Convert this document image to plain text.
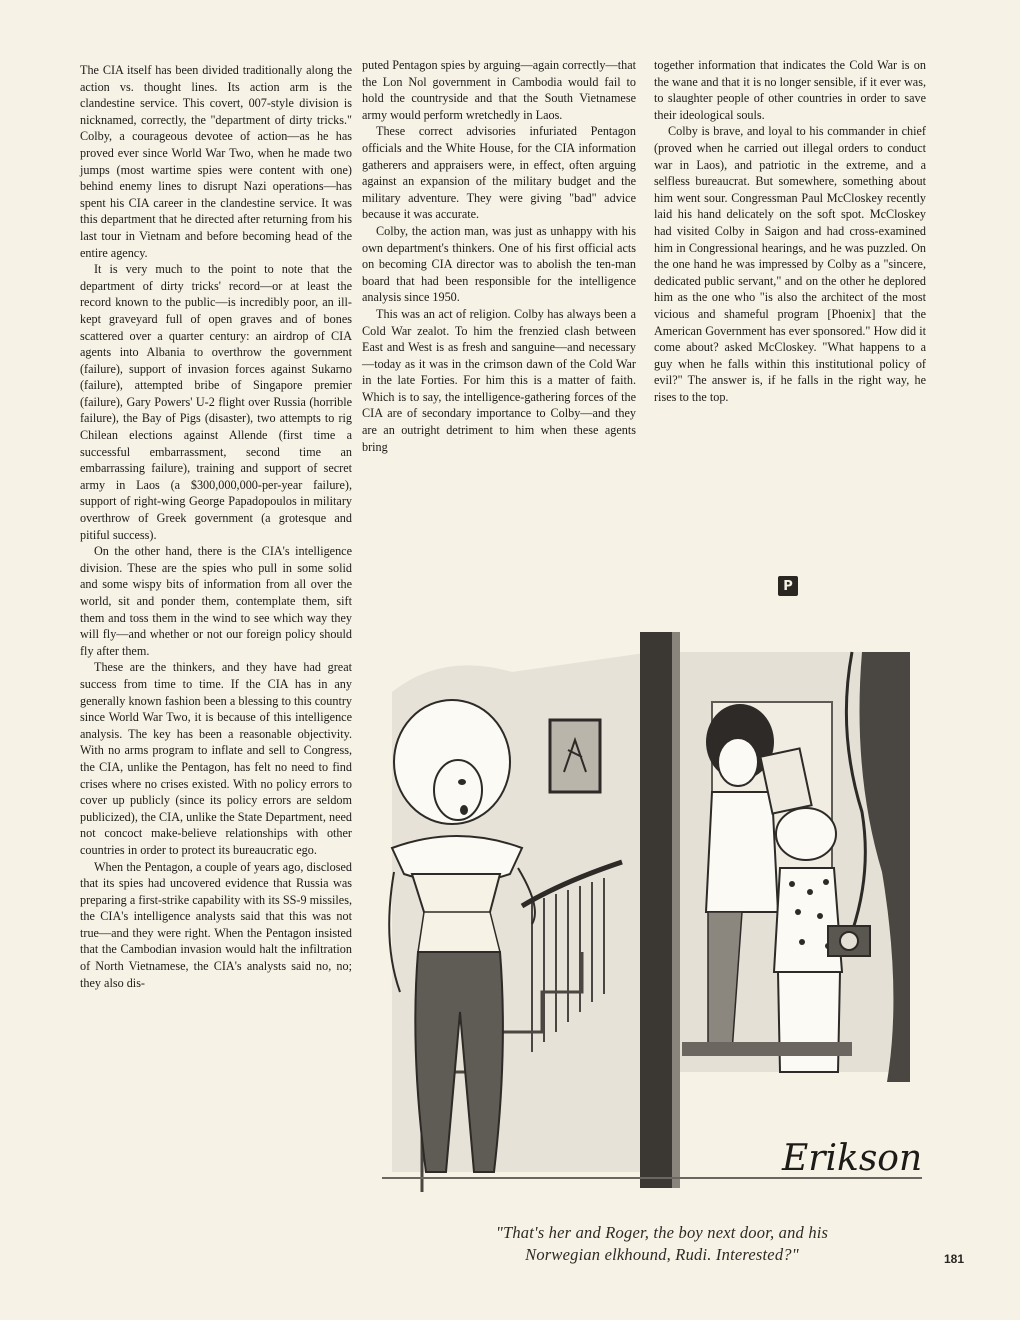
The CIA itself has been divided traditionally along the action vs. thought lines. Its action arm is the clandestine service. This covert, 007-style division is nicknamed, correctly, the "department of dirty tricks." Colby, a courageous devotee of action—as he has proved ever since World War Two, when he made two jumps (most wartime spies were content with one) behind enemy lines to disrupt Nazi operations—has spent his CIA career in the clandestine service. It was this department that he directed after returning from his last tour in Vietnam and before becoming head of the entire agency.

It is very much to the point to note that the department of dirty tricks' record—or at least the record known to the public—is incredibly poor, an ill-kept graveyard full of open graves and of bones scattered over a quarter century: an airdrop of CIA agents into Albania to overthrow the government (failure), support of invasion forces against Sukarno (failure), attempted bribe of Singapore premier (failure), Gary Powers' U-2 flight over Russia (horrible failure), the Bay of Pigs (disaster), two attempts to rig Chilean elections against Allende (first time a successful embarrassment, second time an embarrassing failure), training and support of secret army in Laos (a $300,000,000-per-year failure), support of right-wing George Papadopoulos in military overthrow of Greek government (a grotesque and pitiful success).

On the other hand, there is the CIA's intelligence division. These are the spies who pull in some solid and some wispy bits of information from all over the world, sit and ponder them, contemplate them, sift them and toss them in the wind to see which way they will fly—and whether or not our foreign policy should fly after them.

These are the thinkers, and they have had great success from time to time. If the CIA has in any generally known fashion been a blessing to this country since World War Two, it is because of this intelligence analysis. The key has been a reasonable objectivity. With no arms program to inflate and sell to Congress, the CIA, unlike the Pentagon, has felt no need to find crises where no crises existed. With no policy errors to cover up publicly (since its policy errors are seldom publicized), the CIA, unlike the State Department, need not concoct make-believe relationships with other countries in order to protect its bureaucratic ego.

When the Pentagon, a couple of years ago, disclosed that its spies had uncovered evidence that Russia was preparing a first-strike capability with its SS-9 missiles, the CIA's intelligence analysts said that this was not true—and they were right. When the Pentagon insisted that the Cambodian invasion would halt the infiltration of North Vietnamese, the CIA's analysts said no, no; they also dis-

puted Pentagon spies by arguing—again correctly—that the Lon Nol government in Cambodia would fail to hold the countryside and that the South Vietnamese army would perform wretchedly in Laos.

These correct advisories infuriated Pentagon officials and the White House, for the CIA information gatherers and appraisers were, in effect, often arguing against an expansion of the military budget and the military adventure. They were giving "bad" advice because it was accurate.

Colby, the action man, was just as unhappy with his own department's thinkers. One of his first official acts on becoming CIA director was to abolish the ten-man board that had been responsible for the intelligence analysis since 1950.

This was an act of religion. Colby has always been a Cold War zealot. To him the frenzied clash between East and West is as fresh and sanguine—and necessary—today as it was in the crimson dawn of the Cold War in the late Forties. For him this is a matter of faith. Which is to say, the intelligence-gathering forces of the CIA are of secondary importance to Colby—and they are an outright detriment to him when these agents bring

together information that indicates the Cold War is on the wane and that it is no longer sensible, if it ever was, to slaughter people of other countries in order to save their ideological souls.

Colby is brave, and loyal to his commander in chief (proved when he carried out illegal orders to conduct war in Laos), and patriotic in the extreme, and a selfless bureaucrat. But somewhere, something about him went sour. Congressman Paul McCloskey recently laid his hand delicately on the soft spot. McCloskey had visited Colby in Saigon and had cross-examined him in Congressional hearings, and he was puzzled. On the one hand he was impressed by Colby as a "sincere, dedicated public servant," and on the other he deplored him as the one who "is also the architect of the most vicious and shameful program [Phoenix] that the American Government has ever sponsored." How did it come about? asked McCloskey. "What happens to a guy when he falls within this institutional policy of evil?" The answer is, if he falls in the right way, he rises to the top.

P
Erikson
"That's her and Roger, the boy next door, and his
Norwegian elkhound, Rudi. Interested?"	181
